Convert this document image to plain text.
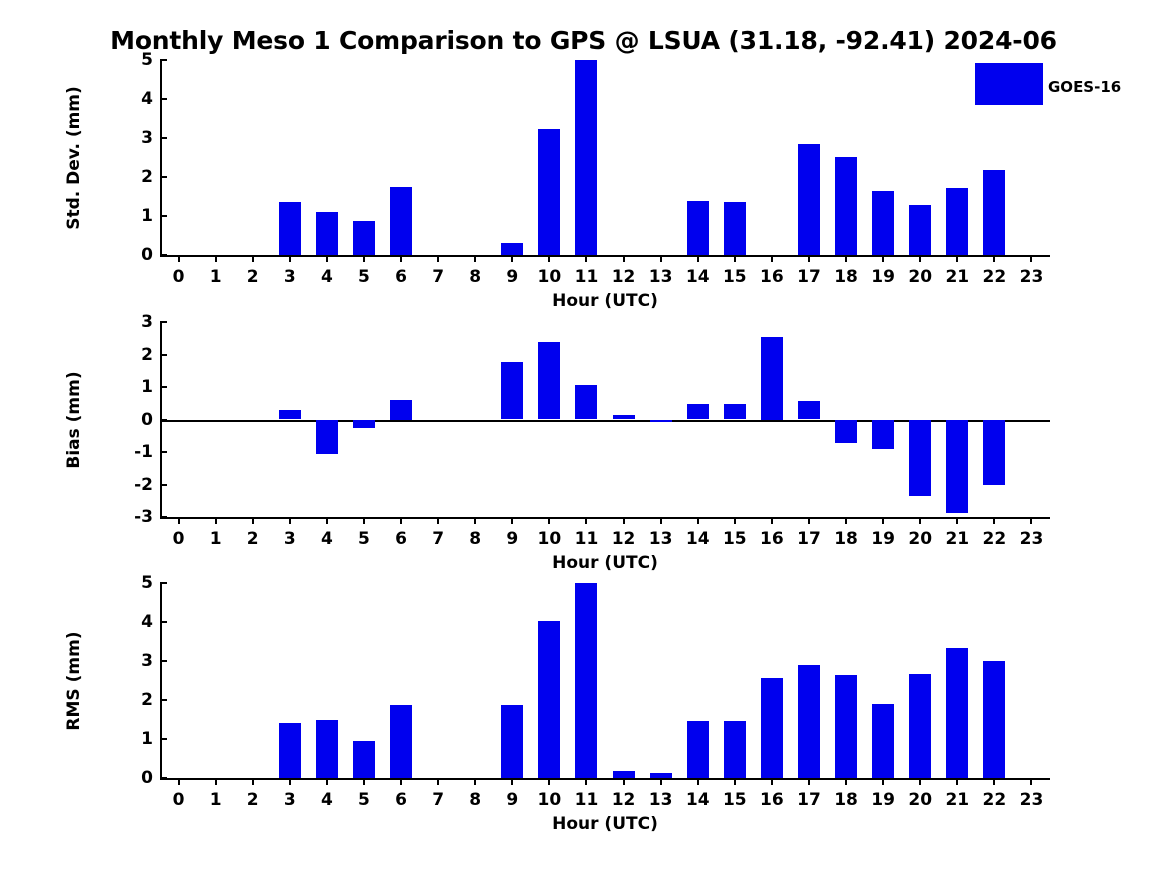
Monthly Meso 1 Comparison to GPS @ LSUA (31.18, -92.41) 2024-06
0
1
2
3
4
5
0 1 2 3 4 5 6 7 8 9 10 11 12 13 14 15 16 17 18 19 20 21 22 23
Hour (UTC)
Std. Dev. (mm)	GOES-16
-3
-2
-1
0
1
2
3
0 1 2 3 4 5 6 7 8 9 10 11 12 13 14 15 16 17 18 19 20 21 22 23
Hour (UTC)
Bias (mm)
0
1
2
3
4
5
0 1 2 3 4 5 6 7 8 9 10 11 12 13 14 15 16 17 18 19 20 21 22 23
Hour (UTC)
RMS (mm)
